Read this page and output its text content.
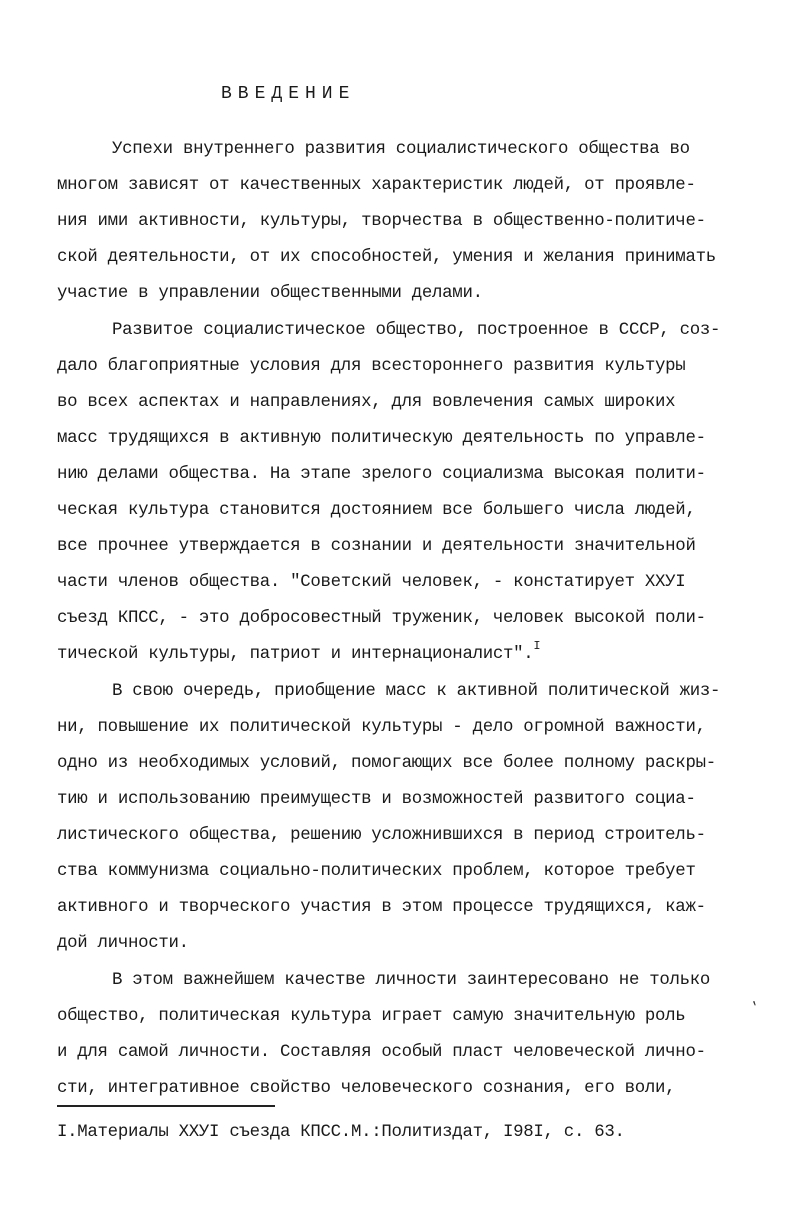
ВВЕДЕНИЕ
Успехи внутреннего развития социалистического общества во
многом зависят от качественных характеристик людей, от проявле-
ния ими активности, культуры, творчества в общественно-политиче-
ской деятельности, от их способностей, умения и желания принимать
участие в управлении общественными делами.
Развитое социалистическое общество, построенное в СССР, соз-
дало благоприятные условия для всестороннего развития культуры
во всех аспектах и направлениях, для вовлечения самых широких
масс трудящихся в активную политическую деятельность по управле-
нию делами общества. На этапе зрелого социализма высокая полити-
ческая культура становится достоянием все большего числа людей,
все прочнее утверждается в сознании и деятельности значительной
части членов общества. "Советский человек, - констатирует ХХУI
съезд КПСС, - это добросовестный труженик, человек высокой поли-
тической культуры, патриот и интернационалист".$^I$
В свою очередь, приобщение масс к активной политической жиз-
ни, повышение их политической культуры - дело огромной важности,
одно из необходимых условий, помогающих все более полному раскры-
тию и использованию преимуществ и возможностей развитого социа-
листического общества, решению усложнившихся в период строитель-
ства коммунизма социально-политических проблем, которое требует
активного и творческого участия в этом процессе трудящихся, каж-
дой личности.
В этом важнейшем качестве личности заинтересовано не только
общество, политическая культура играет самую значительную роль
и для самой личности. Составляя особый пласт человеческой лично-
сти, интегративное свойство человеческого сознания, его воли,
′
I.Материалы ХХУI съезда КПСС.М.:Политиздат, I98I, с. 63.
